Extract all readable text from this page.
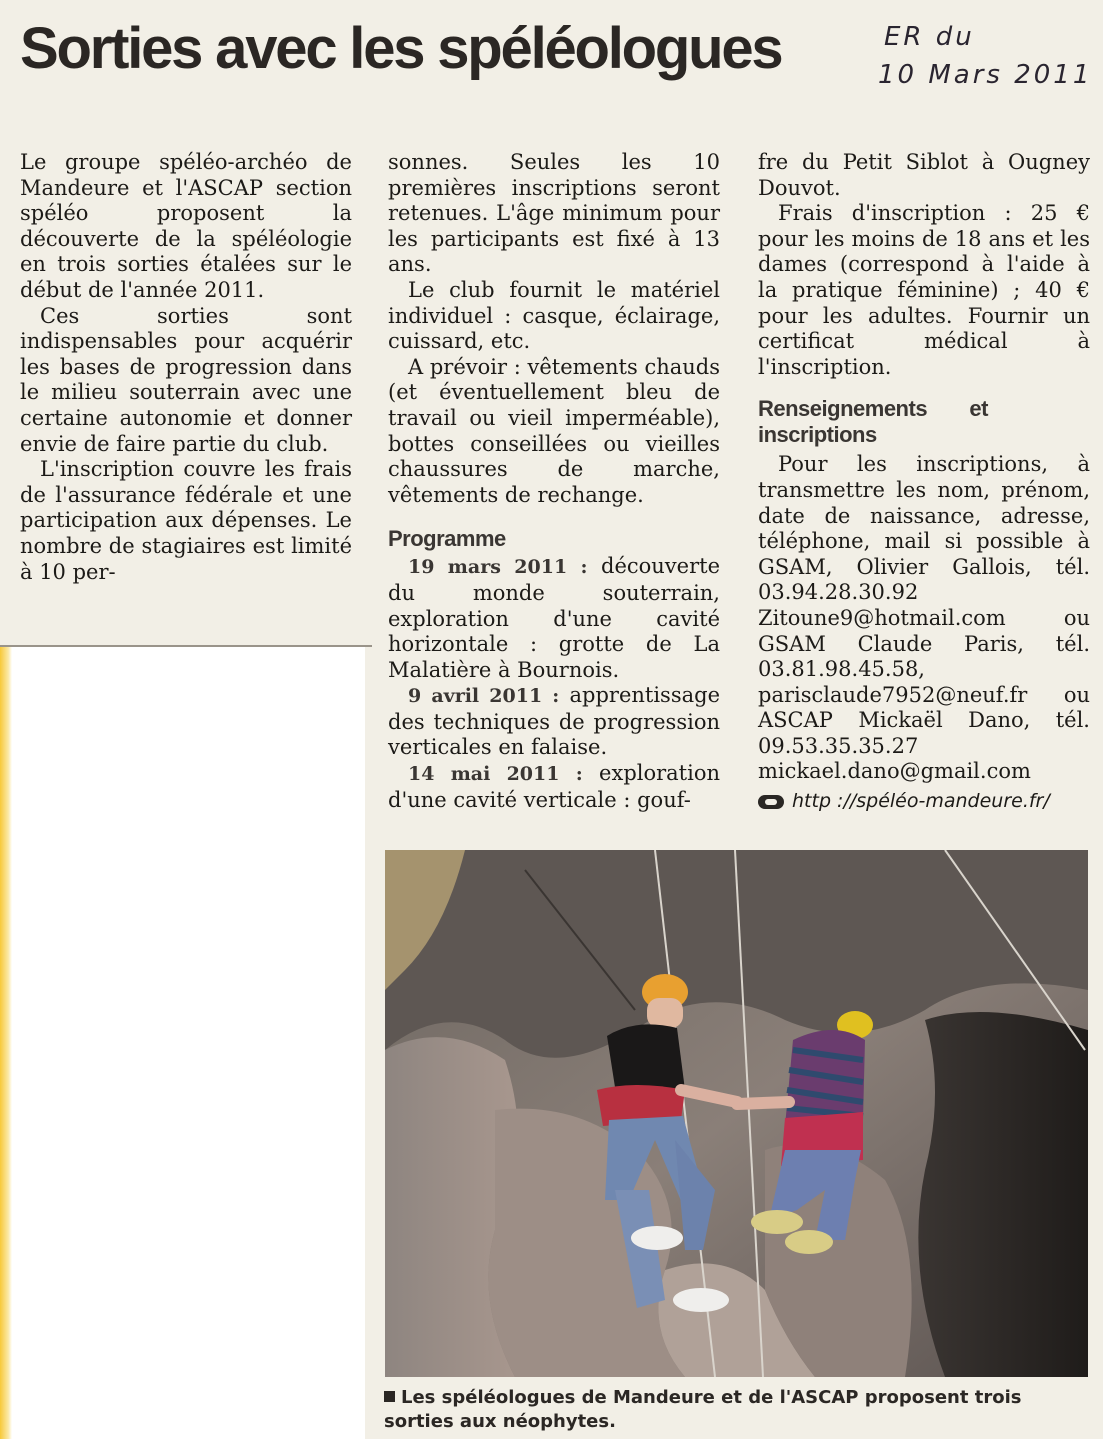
Sorties avec les spéléologues	ER du
10 Mars 2011

Le groupe spéléo-archéo de Mandeure et l'ASCAP section spéléo proposent la découverte de la spéléologie en trois sorties étalées sur le début de l'année 2011.

Ces sorties sont indispensables pour acquérir les bases de progression dans le milieu souterrain avec une certaine autonomie et donner envie de faire partie du club.

L'inscription couvre les frais de l'assurance fédérale et une participation aux dépenses. Le nombre de stagiaires est limité à 10 per-

sonnes. Seules les 10 premières inscriptions seront retenues. L'âge minimum pour les participants est fixé à 13 ans.

Le club fournit le matériel individuel : casque, éclairage, cuissard, etc.

A prévoir : vêtements chauds (et éventuellement bleu de travail ou vieil imperméable), bottes conseillées ou vieilles chaussures de marche, vêtements de rechange.

Programme

19 mars 2011 : découverte du monde souterrain, exploration d'une cavité horizontale : grotte de La Malatière à Bournois.

9 avril 2011 : apprentissage des techniques de progression verticales en falaise.

14 mai 2011 : exploration d'une cavité verticale : gouf-

fre du Petit Siblot à Ougney Douvot.

Frais d'inscription : 25 € pour les moins de 18 ans et les dames (correspond à l'aide à la pratique féminine) ; 40 € pour les adultes. Fournir un certificat médical à l'inscription.

Renseignements et inscriptions

Pour les inscriptions, à transmettre les nom, prénom, date de naissance, adresse, téléphone, mail si possible à GSAM, Olivier Gallois, tél. 03.94.28.30.92 Zitoune9@hotmail.com ou GSAM Claude Paris, tél. 03.81.98.45.58, parisclaude7952@neuf.fr ou ASCAP Mickaël Dano, tél. 09.53.35.35.27 mickael.dano@gmail.com

http ://spéléo-mandeure.fr/

Les spéléologues de Mandeure et de l'ASCAP proposent trois sorties aux néophytes.
